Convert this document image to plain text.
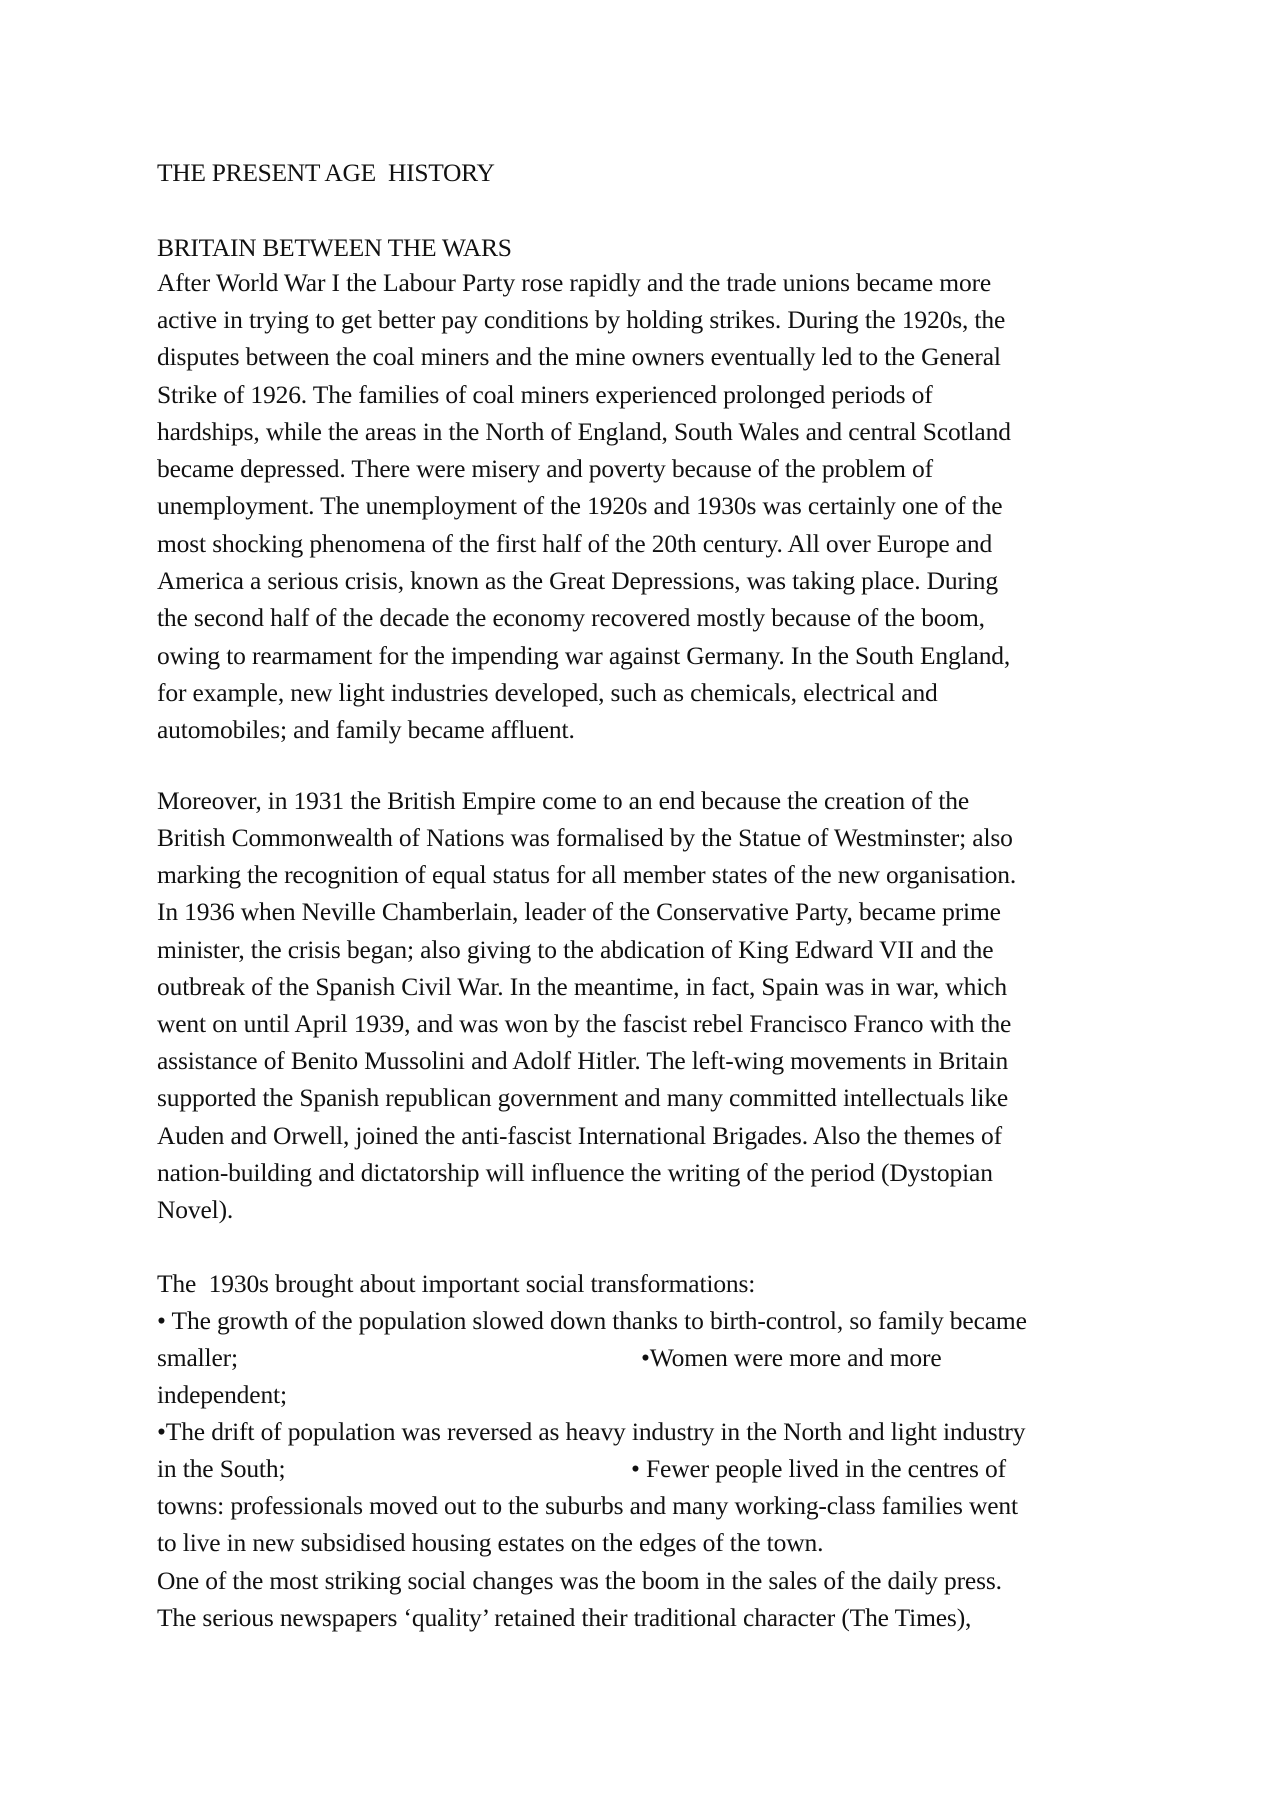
THE PRESENT AGE  HISTORY
BRITAIN BETWEEN THE WARS
After World War I the Labour Party rose rapidly and the trade unions became more
active in trying to get better pay conditions by holding strikes. During the 1920s, the
disputes between the coal miners and the mine owners eventually led to the General
Strike of 1926. The families of coal miners experienced prolonged periods of
hardships, while the areas in the North of England, South Wales and central Scotland
became depressed. There were misery and poverty because of the problem of
unemployment. The unemployment of the 1920s and 1930s was certainly one of the
most shocking phenomena of the first half of the 20th century. All over Europe and
America a serious crisis, known as the Great Depressions, was taking place. During
the second half of the decade the economy recovered mostly because of the boom,
owing to rearmament for the impending war against Germany. In the South England,
for example, new light industries developed, such as chemicals, electrical and
automobiles; and family became affluent.
Moreover, in 1931 the British Empire come to an end because the creation of the
British Commonwealth of Nations was formalised by the Statue of Westminster; also
marking the recognition of equal status for all member states of the new organisation.
In 1936 when Neville Chamberlain, leader of the Conservative Party, became prime
minister, the crisis began; also giving to the abdication of King Edward VII and the
outbreak of the Spanish Civil War. In the meantime, in fact, Spain was in war, which
went on until April 1939, and was won by the fascist rebel Francisco Franco with the
assistance of Benito Mussolini and Adolf Hitler. The left-wing movements in Britain
supported the Spanish republican government and many committed intellectuals like
Auden and Orwell, joined the anti-fascist International Brigades. Also the themes of
nation-building and dictatorship will influence the writing of the period (Dystopian
Novel).
The  1930s brought about important social transformations:
• The growth of the population slowed down thanks to birth-control, so family became
smaller;	•Women were more and more
independent;
•The drift of population was reversed as heavy industry in the North and light industry
in the South;	• Fewer people lived in the centres of
towns: professionals moved out to the suburbs and many working-class families went
to live in new subsidised housing estates on the edges of the town.
One of the most striking social changes was the boom in the sales of the daily press.
The serious newspapers ‘quality’ retained their traditional character (The Times),
